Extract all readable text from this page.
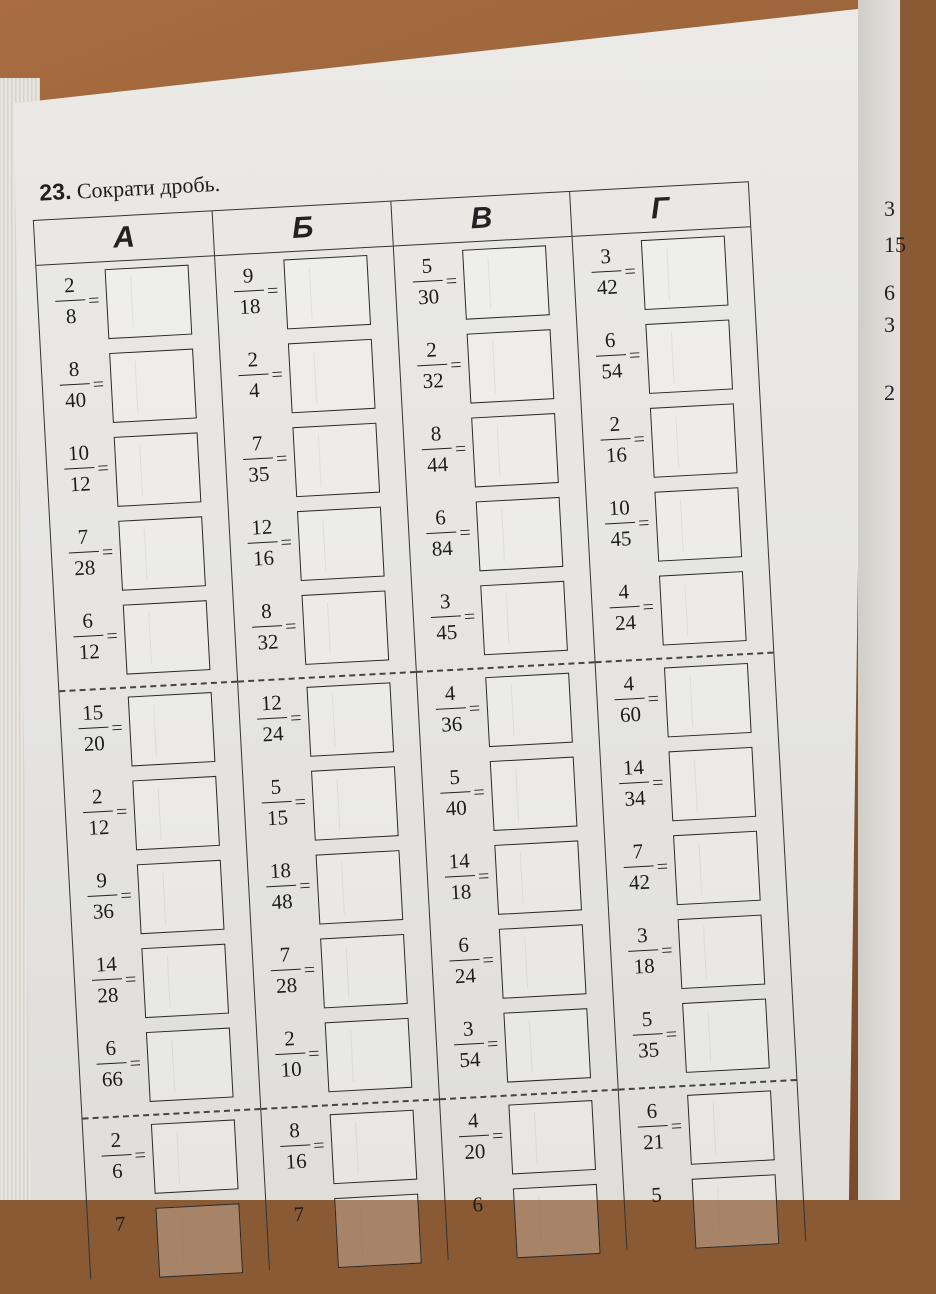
3
15
6
3
2
23. Сократи дробь.
А
2
8
=
8
40
=
10
12
=
7
28
=
6
12
=
15
20
=
2
12
=
9
36
=
14
28
=
6
66
=
2
6
=
7
Б
9
18
=
2
4
=
7
35
=
12
16
=
8
32
=
12
24
=
5
15
=
18
48
=
7
28
=
2
10
=
8
16
=
7
В
5
30
=
2
32
=
8
44
=
6
84
=
3
45
=
4
36
=
5
40
=
14
18
=
6
24
=
3
54
=
4
20
=
6
Г
3
42
=
6
54
=
2
16
=
10
45
=
4
24
=
4
60
=
14
34
=
7
42
=
3
18
=
5
35
=
6
21
=
5
